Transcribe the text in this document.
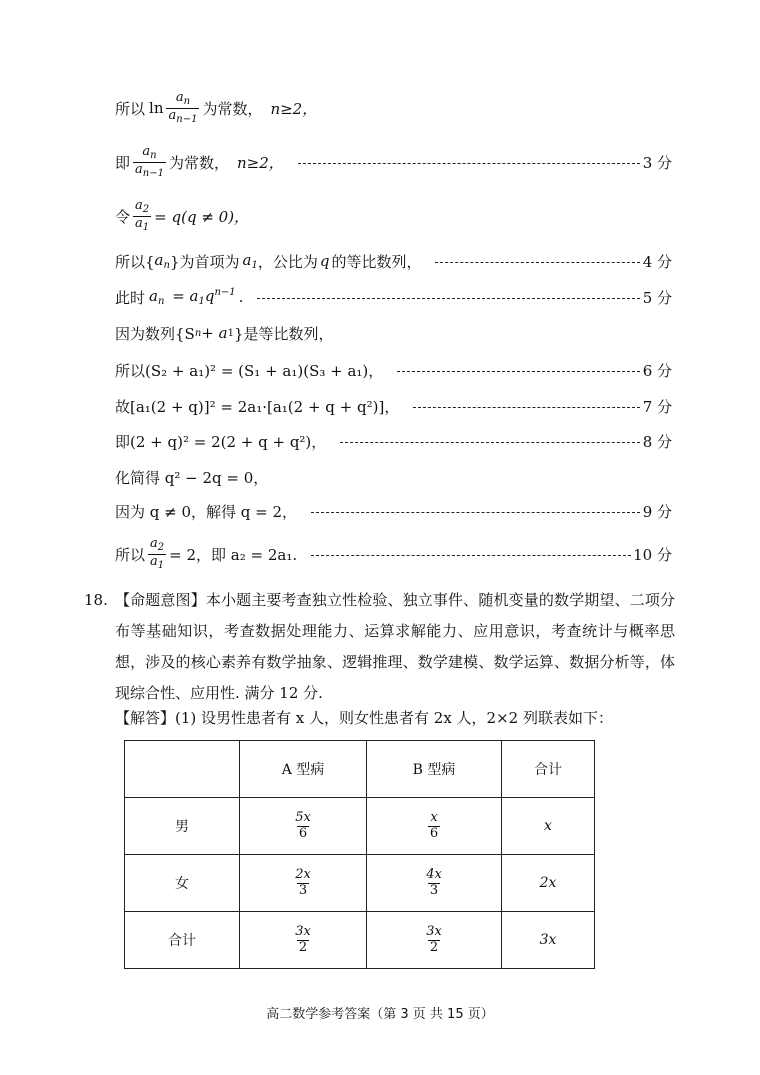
所以 $\ln \frac{a_n}{a_{n-1}}$ 为常数， n≥2，
即 $\frac{a_n}{a_{n-1}}$ 为常数， n≥2，	3 分
令 $\frac{a_2}{a_1} = q(q \ne 0)$，
所以{ $a_n$ }为首项为 $a_1$ ，公比为 q 的等比数列，	4 分
此时 $a_n = a_1q^{n-1}$ .	5 分
因为数列{S n + a 1 }是等比数列，
所以(S₂ + a₁)² = (S₁ + a₁)(S₃ + a₁)，	6 分
故[a₁(2 + q)]² = 2a₁·[a₁(2 + q + q²)]，	7 分
即(2 + q)² = 2(2 + q + q²)，	8 分
化简得 q² − 2q = 0，
因为 q ≠ 0，解得 q = 2，	9 分
所以 $\frac{a_2}{a_1} = 2$，即 a₂ = 2a₁.	10 分
18. 【命题意图】本小题主要考查独立性检验、独立事件、随机变量的数学期望、二项分布等基础知识，考查数据处理能力、运算求解能力、应用意识，考查统计与概率思想，涉及的核心素养有数学抽象、逻辑推理、数学建模、数学运算、数据分析等，体现综合性、应用性. 满分 12 分.
【解答】(1) 设男性患者有 x 人，则女性患者有 2x 人，2×2 列联表如下：
	A 型病	B 型病	合计
男	$\frac{5x}{6}$	$\frac{x}{6}$	x
女	$\frac{2x}{3}$	$\frac{4x}{3}$	2x
合计	$\frac{3x}{2}$	$\frac{3x}{2}$	3x
高二数学参考答案（第 3 页 共 15 页）
